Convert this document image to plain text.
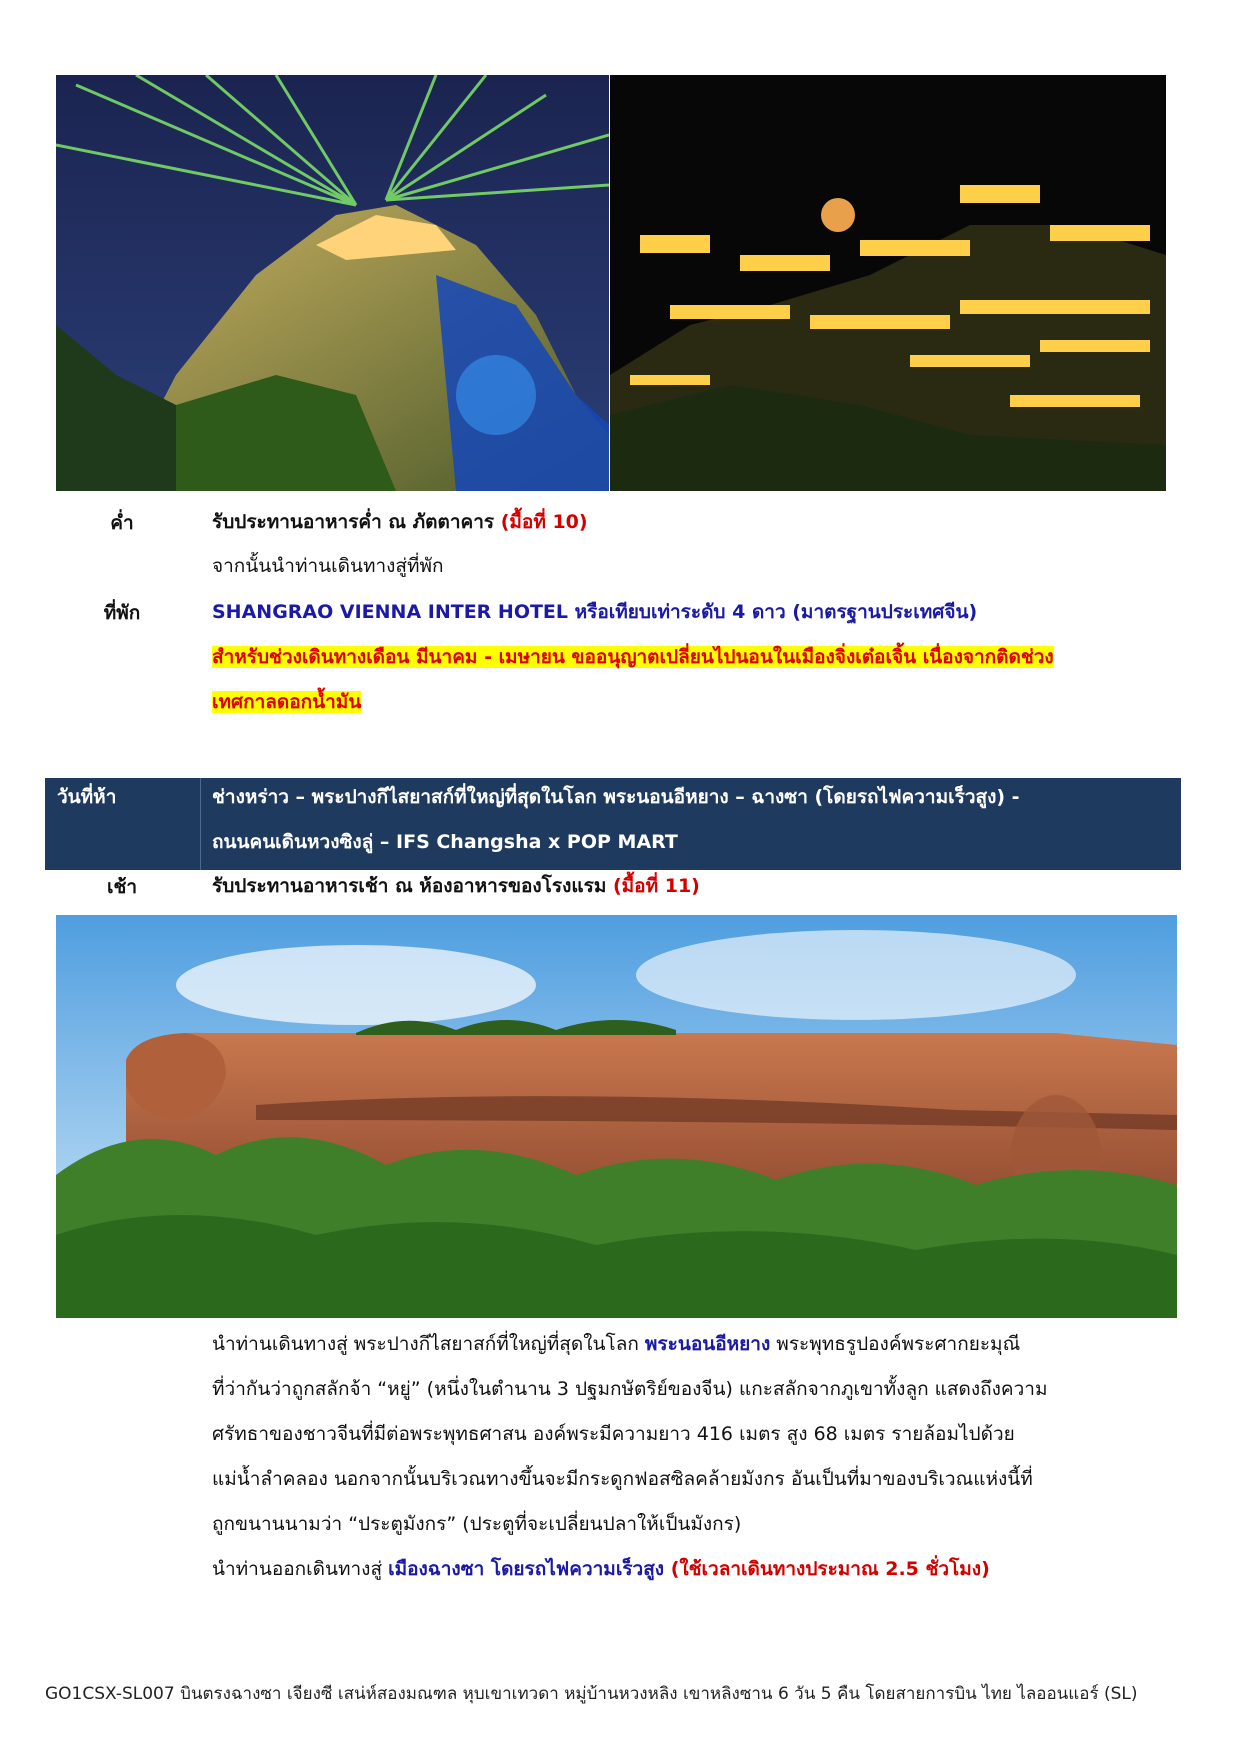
ค่ำ	รับประทานอาหารค่ำ ณ ภัตตาคาร (มื้อที่ 10)
จากนั้นนำท่านเดินทางสู่ที่พัก
ที่พัก	SHANGRAO VIENNA INTER HOTEL หรือเทียบเท่าระดับ 4 ดาว (มาตรฐานประเทศจีน)
สำหรับช่วงเดินทางเดือน มีนาคม - เมษายน ขออนุญาตเปลี่ยนไปนอนในเมืองจิ่งเต๋อเจิ้น เนื่องจากติดช่วง
เทศกาลดอกน้ำมัน
วันที่ห้า	ช่างหร่าว – พระปางกึไสยาสก์ที่ใหญ่ที่สุดในโลก พระนอนอีหยาง – ฉางซา (โดยรถไฟความเร็วสูง) -
ถนนคนเดินหวงซิงลู่ – IFS Changsha x POP MART
เช้า	รับประทานอาหารเช้า ณ ห้องอาหารของโรงแรม (มื้อที่ 11)
นำท่านเดินทางสู่ พระปางกึไสยาสก์ที่ใหญ่ที่สุดในโลก พระนอนอีหยาง พระพุทธรูปองค์พระศากยะมุณี
ที่ว่ากันว่าถูกสลักจ้า “หยู่” (หนึ่งในตำนาน 3 ปฐมกษัตริย์ของจีน) แกะสลักจากภูเขาทั้งลูก แสดงถึงความ
ศรัทธาของชาวจีนที่มีต่อพระพุทธศาสน องค์พระมีความยาว 416 เมตร สูง 68 เมตร รายล้อมไปด้วย
แม่น้ำลำคลอง นอกจากนั้นบริเวณทางขึ้นจะมีกระดูกฟอสซิลคล้ายมังกร อันเป็นที่มาของบริเวณแห่งนี้ที่
ถูกขนานนามว่า “ประตูมังกร” (ประตูที่จะเปลี่ยนปลาให้เป็นมังกร)
นำท่านออกเดินทางสู่ เมืองฉางซา โดยรถไฟความเร็วสูง (ใช้เวลาเดินทางประมาณ 2.5 ชั่วโมง)
GO1CSX-SL007 บินตรงฉางซา เจียงซี เสน่ห์สองมณฑล หุบเขาเทวดา หมู่บ้านหวงหลิง เขาหลิงซาน 6 วัน 5 คืน โดยสายการบิน ไทย ไลออนแอร์ (SL)
